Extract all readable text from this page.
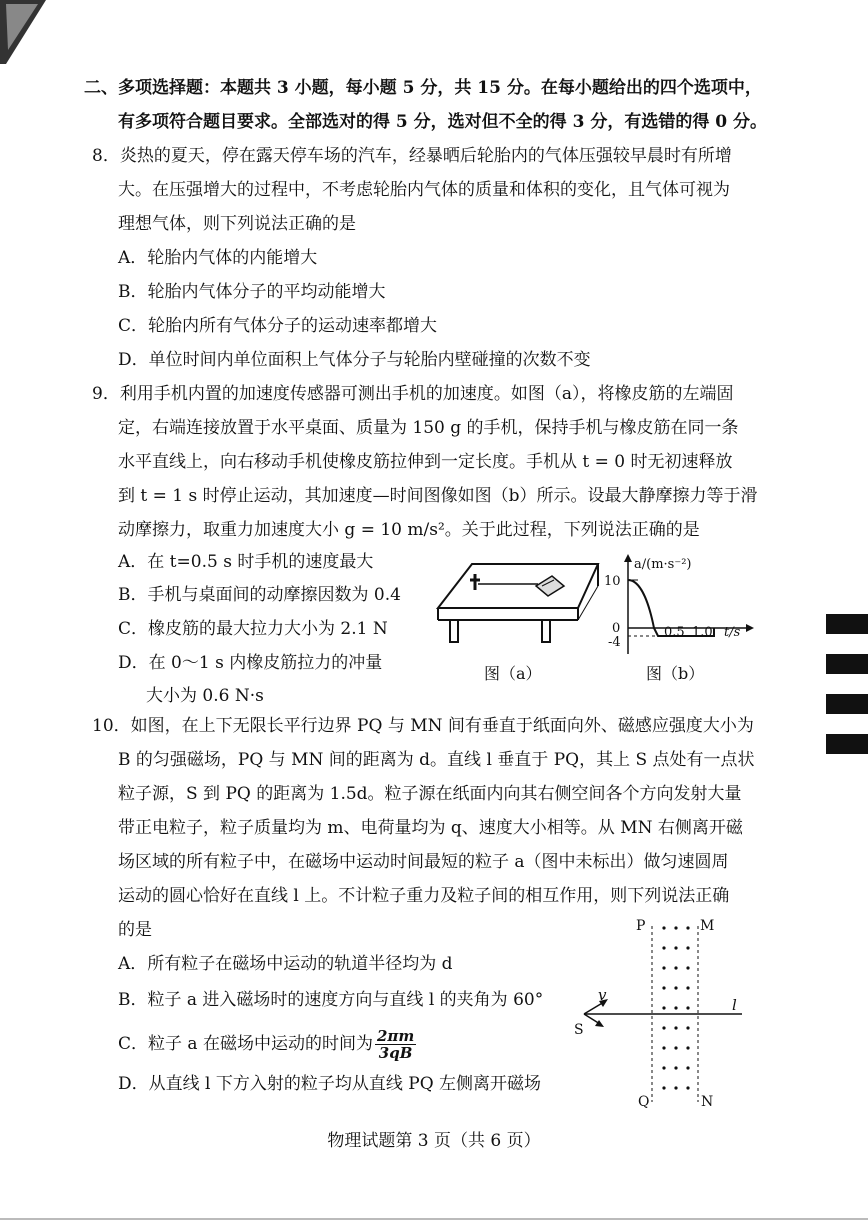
二、多项选择题：本题共 3 小题，每小题 5 分，共 15 分。在每小题给出的四个选项中，
有多项符合题目要求。全部选对的得 5 分，选对但不全的得 3 分，有选错的得 0 分。
8．炎热的夏天，停在露天停车场的汽车，经暴晒后轮胎内的气体压强较早晨时有所增
大。在压强增大的过程中，不考虑轮胎内气体的质量和体积的变化，且气体可视为
理想气体，则下列说法正确的是
A．轮胎内气体的内能增大
B．轮胎内气体分子的平均动能增大
C．轮胎内所有气体分子的运动速率都增大
D．单位时间内单位面积上气体分子与轮胎内壁碰撞的次数不变
9．利用手机内置的加速度传感器可测出手机的加速度。如图（a），将橡皮筋的左端固
定，右端连接放置于水平桌面、质量为 150 g 的手机，保持手机与橡皮筋在同一条
水平直线上，向右移动手机使橡皮筋拉伸到一定长度。手机从 t = 0 时无初速释放
到 t = 1 s 时停止运动，其加速度—时间图像如图（b）所示。设最大静摩擦力等于滑
动摩擦力，取重力加速度大小 g = 10 m/s²。关于此过程，下列说法正确的是
A．在 t=0.5 s 时手机的速度最大
B．手机与桌面间的动摩擦因数为 0.4
C．橡皮筋的最大拉力大小为 2.1 N
D．在 0～1 s 内橡皮筋拉力的冲量
大小为 0.6 N·s
图（a）
10
0
-4
0.5 1.0 t/s
a/(m·s⁻²)
图（b）
10．如图，在上下无限长平行边界 PQ 与 MN 间有垂直于纸面向外、磁感应强度大小为
B 的匀强磁场，PQ 与 MN 间的距离为 d。直线 l 垂直于 PQ，其上 S 点处有一点状
粒子源，S 到 PQ 的距离为 1.5d。粒子源在纸面内向其右侧空间各个方向发射大量
带正电粒子，粒子质量均为 m、电荷量均为 q、速度大小相等。从 MN 右侧离开磁
场区域的所有粒子中，在磁场中运动时间最短的粒子 a（图中未标出）做匀速圆周
运动的圆心恰好在直线 l 上。不计粒子重力及粒子间的相互作用，则下列说法正确
的是
A．所有粒子在磁场中运动的轨道半径均为 d
B．粒子 a 进入磁场时的速度方向与直线 l 的夹角为 60°
C．粒子 a 在磁场中运动的时间为 $\frac{2\pi m}{3qB}$
D．从直线 l 下方入射的粒子均从直线 PQ 左侧离开磁场
P	M
Q	N
S
v
l
物理试题第 3 页（共 6 页）
